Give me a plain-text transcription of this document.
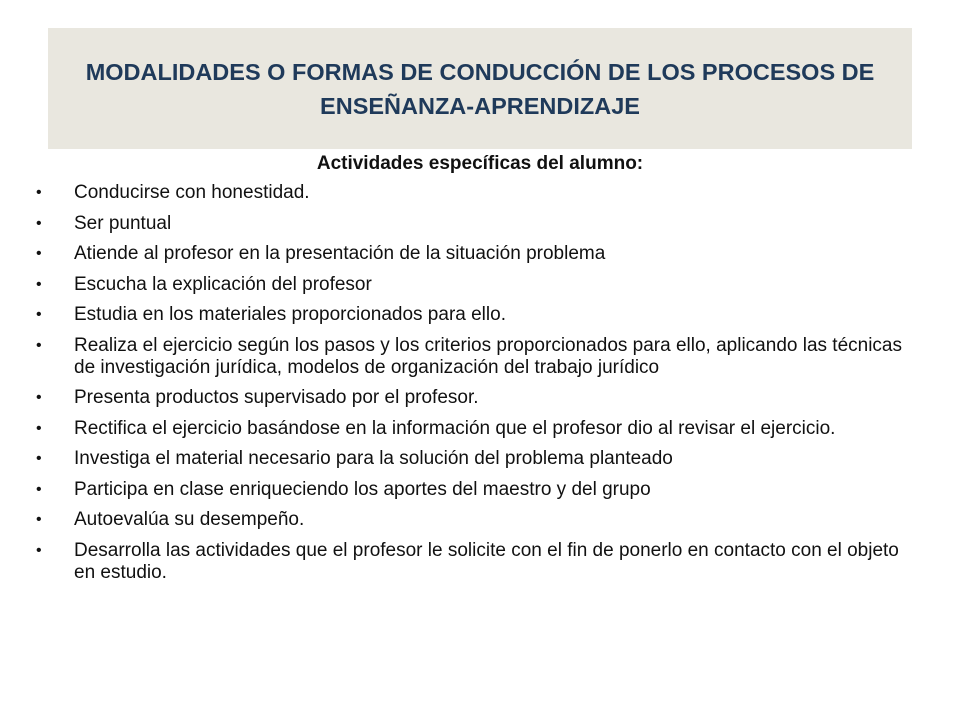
MODALIDADES O FORMAS DE CONDUCCIÓN DE LOS PROCESOS DE ENSEÑANZA-APRENDIZAJE
Actividades específicas del alumno:
•	Conducirse con honestidad.
•	Ser puntual
•	Atiende al profesor en la presentación de la situación problema
•	Escucha la explicación del profesor
•	Estudia en los materiales proporcionados para ello.
•	Realiza el ejercicio según los pasos y los criterios proporcionados para ello, aplicando las técnicas de investigación jurídica, modelos de organización del trabajo jurídico
•	Presenta productos supervisado por el profesor.
•	Rectifica el ejercicio basándose en la información que el profesor dio al revisar el ejercicio.
•	Investiga el material necesario para la solución del problema planteado
•	Participa en clase enriqueciendo los aportes del maestro y del grupo
•	Autoevalúa su desempeño.
•	Desarrolla las actividades que el profesor le solicite con el fin de ponerlo en contacto con el objeto en estudio.
